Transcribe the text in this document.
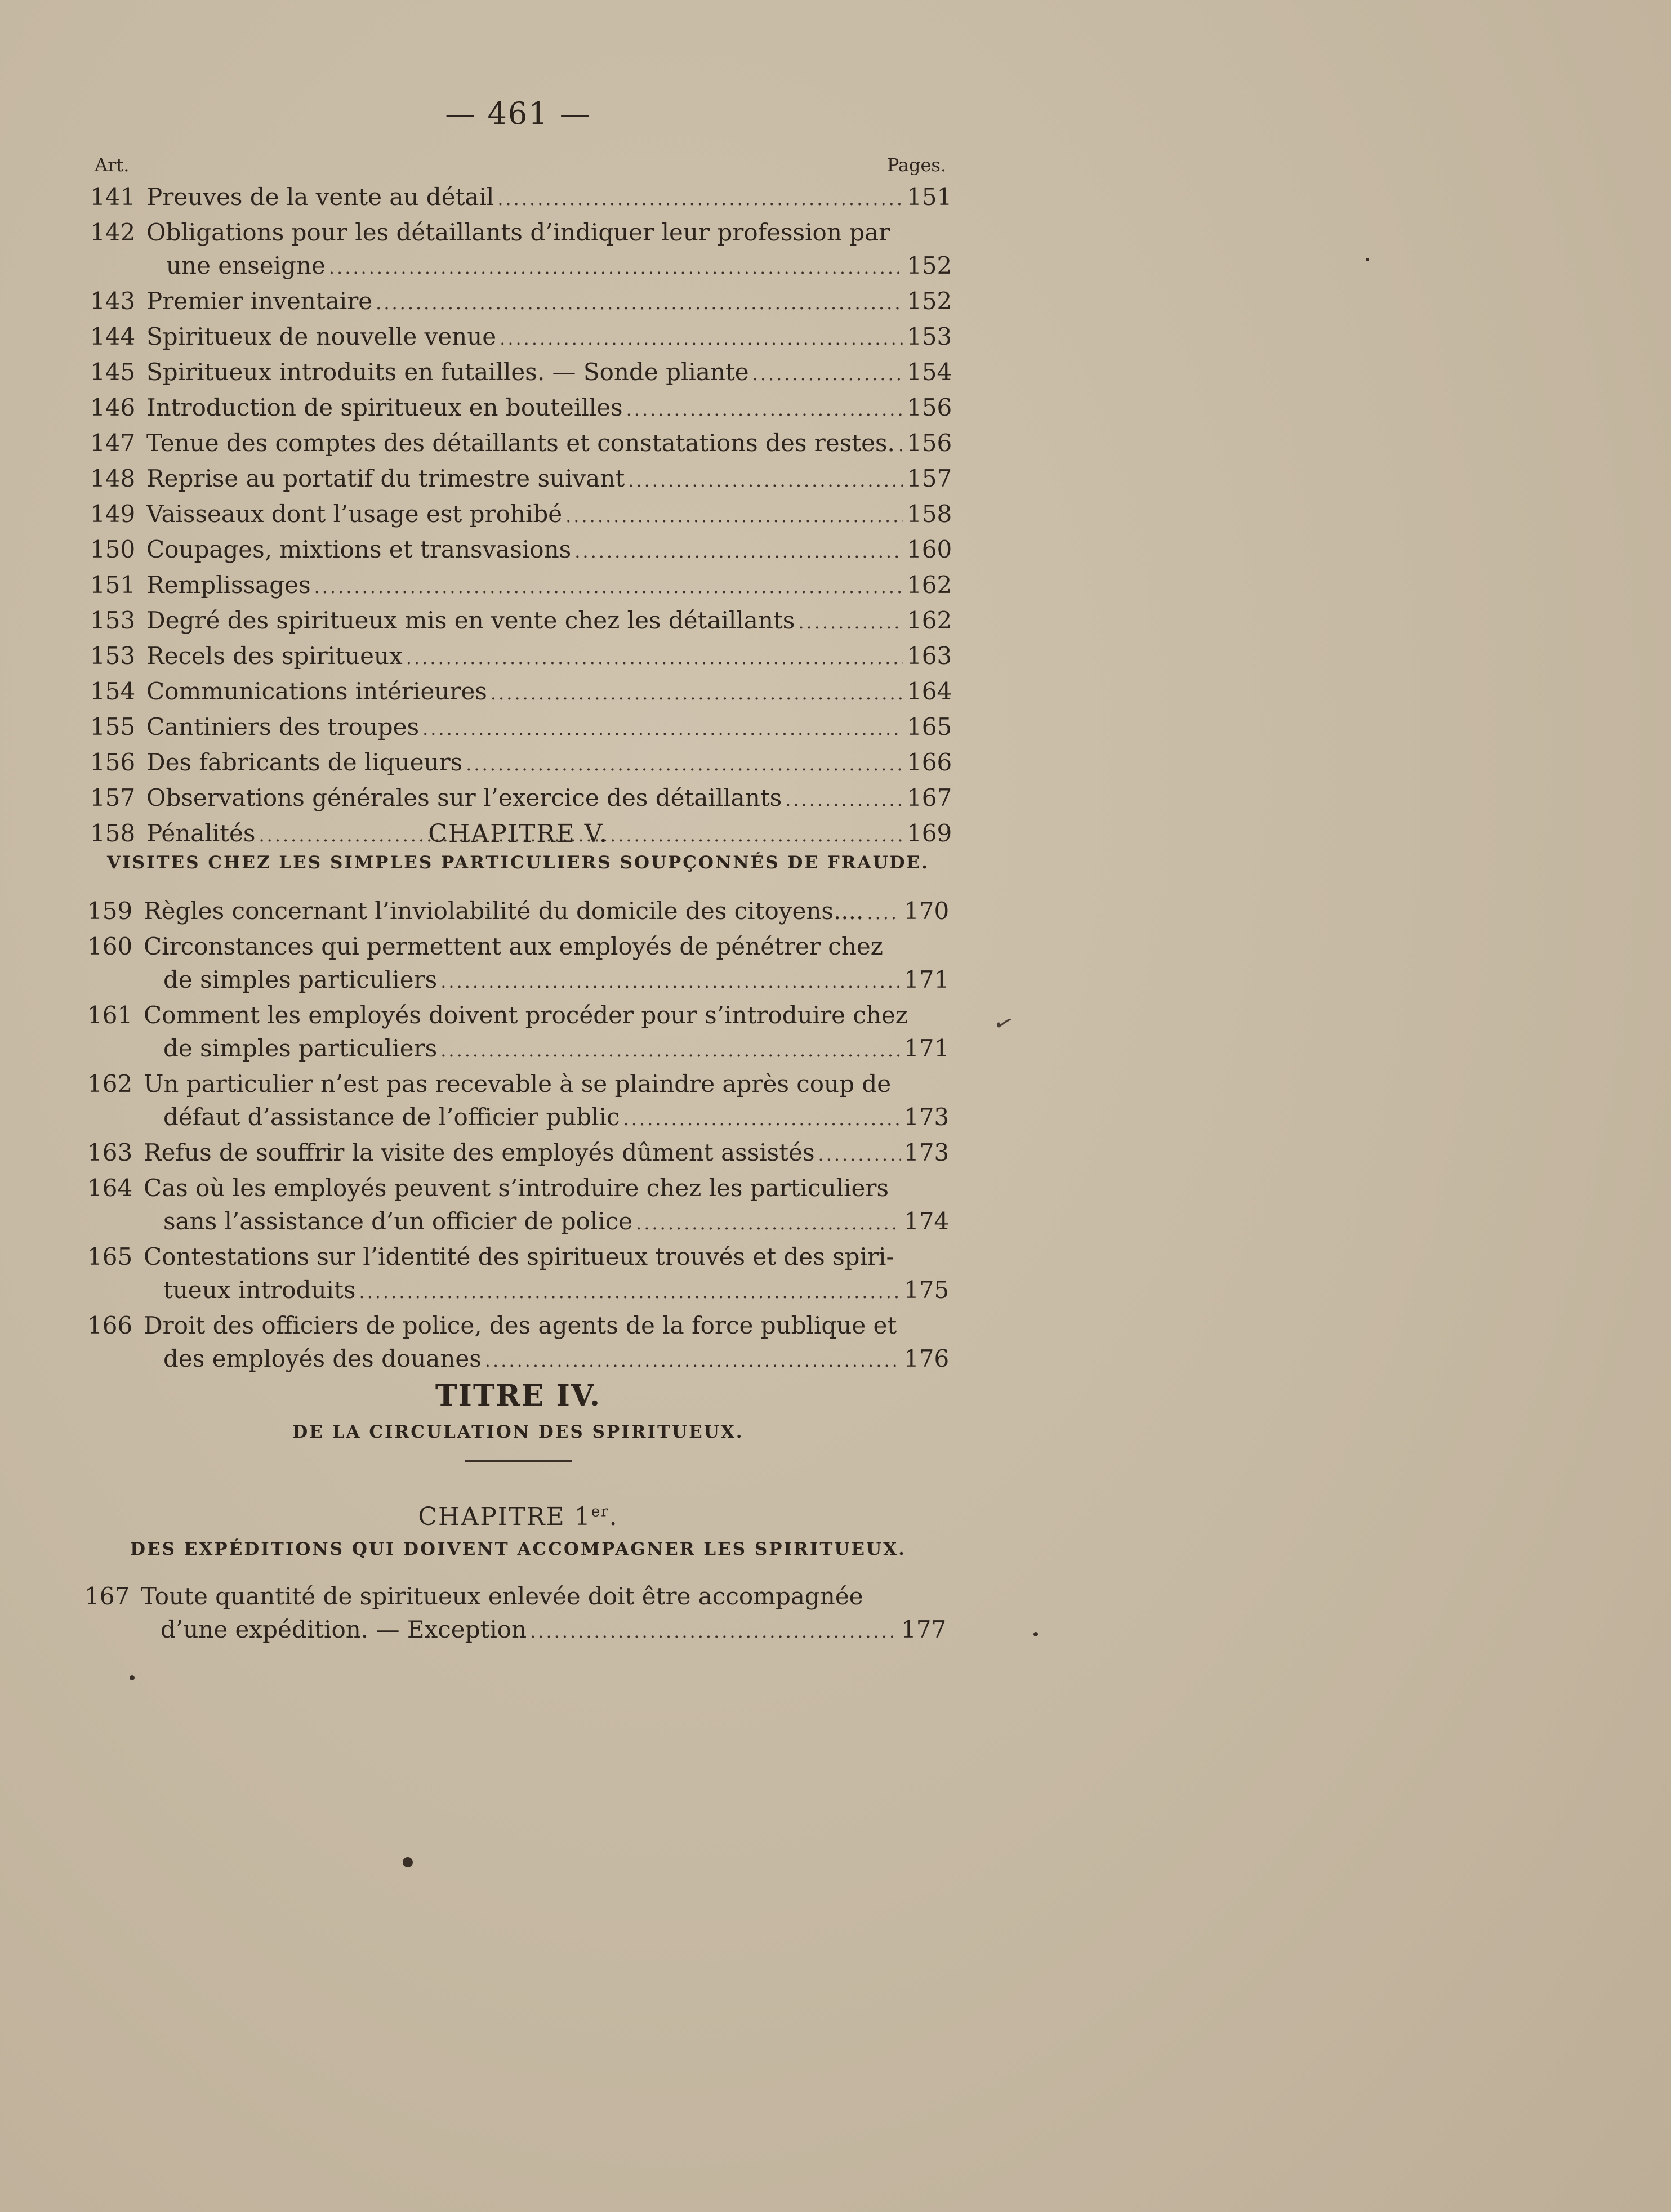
— 461 —
Art.	Pages.
141 Preuves de la vente au détail .....	151
142 Obligations pour les détaillants d’indiquer leur profession par
une enseigne .....	152
143 Premier inventaire .....	152
144 Spiritueux de nouvelle venue .....	153
145 Spiritueux introduits en futailles. — Sonde pliante .....	154
146 Introduction de spiritueux en bouteilles .....	156
147 Tenue des comptes des détaillants et constatations des restes. ..... 156
148 Reprise au portatif du trimestre suivant .....	157
149 Vaisseaux dont l’usage est prohibé .....	158
150 Coupages, mixtions et transvasions .....	160
151 Remplissages .....	162
153 Degré des spiritueux mis en vente chez les détaillants .....	162
153 Recels des spiritueux .....	163
154 Communications intérieures .....	164
155 Cantiniers des troupes .....	165
156 Des fabricants de liqueurs .....	166
157 Observations générales sur l’exercice des détaillants .....	167
158 Pénalités .....	169
CHAPITRE V.
VISITES CHEZ LES SIMPLES PARTICULIERS SOUPÇONNÉS DE FRAUDE.
159 Règles concernant l’inviolabilité du domicile des citoyens.... ..... 170
160 Circonstances qui permettent aux employés de pénétrer chez
de simples particuliers .....	171
161 Comment les employés doivent procéder pour s’introduire chez
de simples particuliers .....	171
162 Un particulier n’est pas recevable à se plaindre après coup de
défaut d’assistance de l’officier public .....	173
163 Refus de souffrir la visite des employés dûment assistés .....	173
164 Cas où les employés peuvent s’introduire chez les particuliers
sans l’assistance d’un officier de police .....	174
165 Contestations sur l’identité des spiritueux trouvés et des spiri-
tueux introduits .....	175
166 Droit des officiers de police, des agents de la force publique et
des employés des douanes .....	176
TITRE IV.
DE LA CIRCULATION DES SPIRITUEUX.
CHAPITRE 1er.
DES EXPÉDITIONS QUI DOIVENT ACCOMPAGNER LES SPIRITUEUX.
167 Toute quantité de spiritueux enlevée doit être accompagnée
d’une expédition. — Exception .....	177
✓
